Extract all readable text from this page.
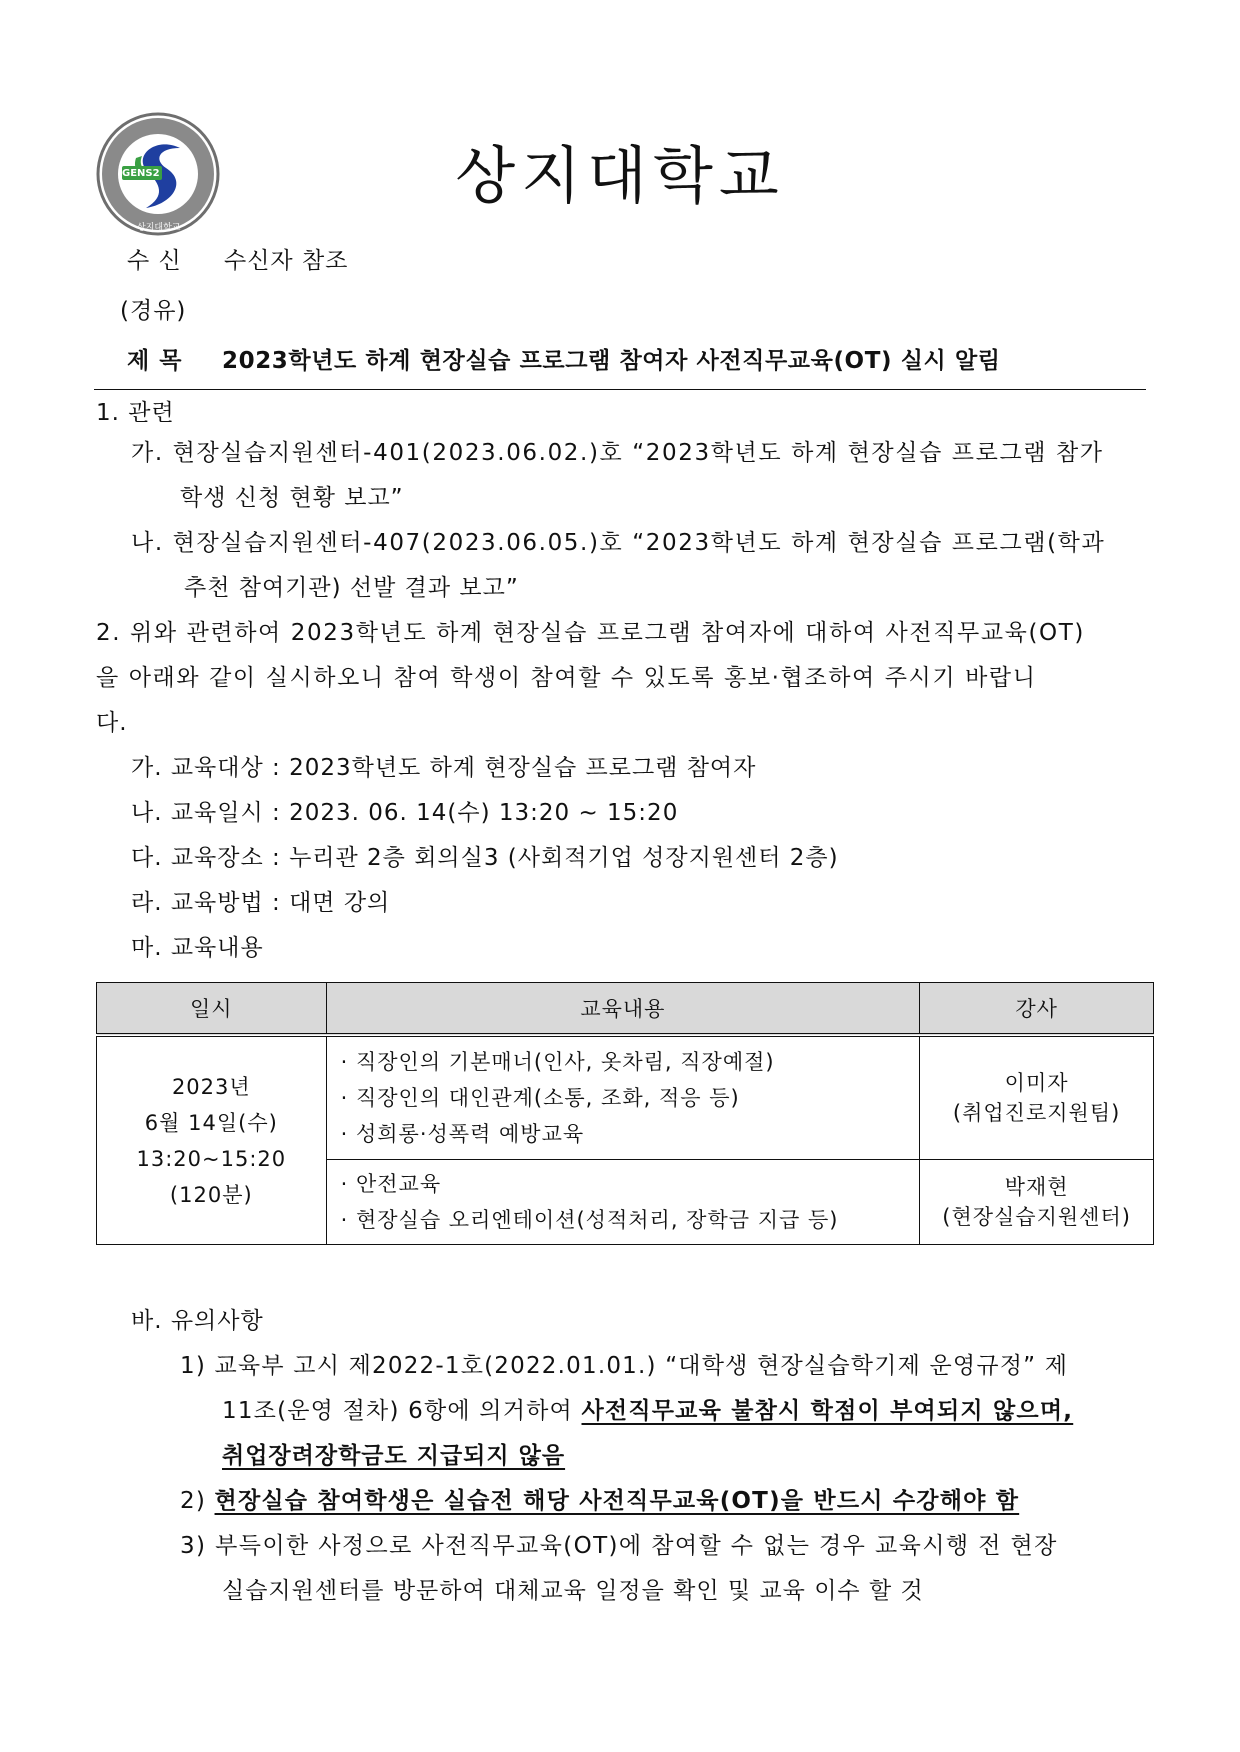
GENS2
상지대학교
상지대학교
수 신 수신자 참조
(경유)
제 목 2023학년도 하계 현장실습 프로그램 참여자 사전직무교육(OT) 실시 알림
1. 관련
가. 현장실습지원센터-401(2023.06.02.)호 “2023학년도 하계 현장실습 프로그램 참가
학생 신청 현황 보고”
나. 현장실습지원센터-407(2023.06.05.)호 “2023학년도 하계 현장실습 프로그램(학과
추천 참여기관) 선발 결과 보고”
2. 위와 관련하여 2023학년도 하계 현장실습 프로그램 참여자에 대하여 사전직무교육(OT)
을 아래와 같이 실시하오니 참여 학생이 참여할 수 있도록 홍보·협조하여 주시기 바랍니
다.
가. 교육대상 : 2023학년도 하계 현장실습 프로그램 참여자
나. 교육일시 : 2023. 06. 14(수) 13:20 ~ 15:20
다. 교육장소 : 누리관 2층 회의실3 (사회적기업 성장지원센터 2층)
라. 교육방법 : 대면 강의
마. 교육내용
일시	교육내용	강사

2023년
6월 14일(수)
13:20~15:20
(120분)	· 직장인의 기본매너(인사, 옷차림, 직장예절)
· 직장인의 대인관계(소통, 조화, 적응 등)
· 성희롱·성폭력 예방교육	이미자
(취업진로지원팀)

	· 안전교육
· 현장실습 오리엔테이션(성적처리, 장학금 지급 등)	박재현
(현장실습지원센터)
바. 유의사항
1) 교육부 고시 제2022-1호(2022.01.01.) “대학생 현장실습학기제 운영규정” 제
11조(운영 절차) 6항에 의거하여 사전직무교육 불참시 학점이 부여되지 않으며,
취업장려장학금도 지급되지 않음
2) 현장실습 참여학생은 실습전 해당 사전직무교육(OT)을 반드시 수강해야 함
3) 부득이한 사정으로 사전직무교육(OT)에 참여할 수 없는 경우 교육시행 전 현장
실습지원센터를 방문하여 대체교육 일정을 확인 및 교육 이수 할 것
